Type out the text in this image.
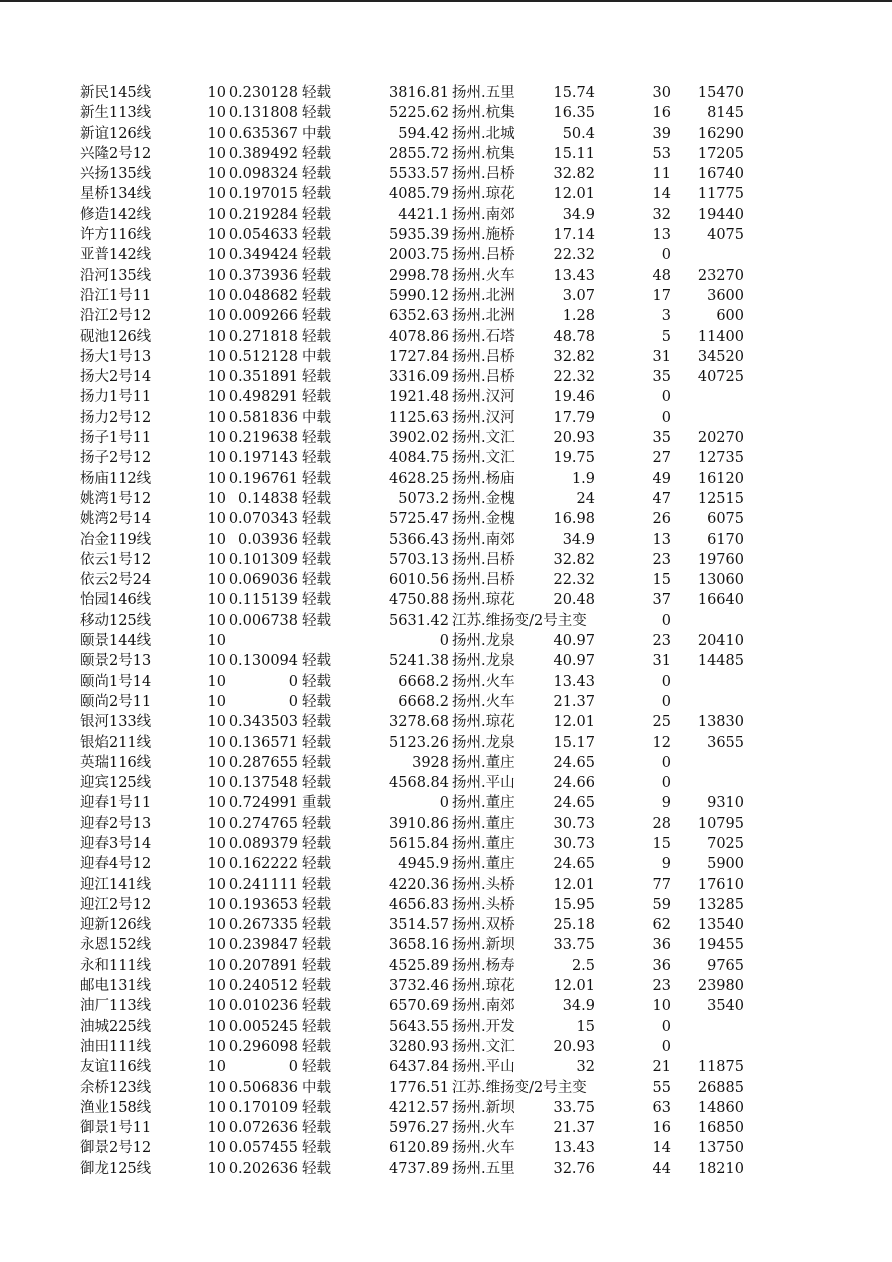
新民145线	10 0.230128 轻载	3816.81 扬州.五里	15.74	30	15470
新生113线	10 0.131808 轻载	5225.62 扬州.杭集	16.35	16	8145
新谊126线	10 0.635367 中载	594.42 扬州.北城	50.4	39	16290
兴隆2号12	10 0.389492 轻载	2855.72 扬州.杭集	15.11	53	17205
兴扬135线	10 0.098324 轻载	5533.57 扬州.吕桥	32.82	11	16740
星桥134线	10 0.197015 轻载	4085.79 扬州.琼花	12.01	14	11775
修造142线	10 0.219284 轻载	4421.1 扬州.南郊	34.9	32	19440
许方116线	10 0.054633 轻载	5935.39 扬州.施桥	17.14	13	4075
亚普142线	10 0.349424 轻载	2003.75 扬州.吕桥	22.32	0
沿河135线	10 0.373936 轻载	2998.78 扬州.火车	13.43	48	23270
沿江1号11	10 0.048682 轻载	5990.12 扬州.北洲	3.07	17	3600
沿江2号12	10 0.009266 轻载	6352.63 扬州.北洲	1.28	3	600
砚池126线	10 0.271818 轻载	4078.86 扬州.石塔	48.78	5	11400
扬大1号13	10 0.512128 中载	1727.84 扬州.吕桥	32.82	31	34520
扬大2号14	10 0.351891 轻载	3316.09 扬州.吕桥	22.32	35	40725
扬力1号11	10 0.498291 轻载	1921.48 扬州.汉河	19.46	0
扬力2号12	10 0.581836 中载	1125.63 扬州.汉河	17.79	0
扬子1号11	10 0.219638 轻载	3902.02 扬州.文汇	20.93	35	20270
扬子2号12	10 0.197143 轻载	4084.75 扬州.文汇	19.75	27	12735
杨庙112线	10 0.196761 轻载	4628.25 扬州.杨庙	1.9	49	16120
姚湾1号12	10 0.14838 轻载	5073.2 扬州.金槐	24	47	12515
姚湾2号14	10 0.070343 轻载	5725.47 扬州.金槐	16.98	26	6075
冶金119线	10 0.03936 轻载	5366.43 扬州.南郊	34.9	13	6170
依云1号12	10 0.101309 轻载	5703.13 扬州.吕桥	32.82	23	19760
依云2号24	10 0.069036 轻载	6010.56 扬州.吕桥	22.32	15	13060
怡园146线	10 0.115139 轻载	4750.88 扬州.琼花	20.48	37	16640
移动125线	10 0.006738 轻载	5631.42 江苏.维扬变/2号主变	0
颐景144线	10	0 扬州.龙泉	40.97	23	20410
颐景2号13	10 0.130094 轻载	5241.38 扬州.龙泉	40.97	31	14485
颐尚1号14	10	0 轻载	6668.2 扬州.火车	13.43	0
颐尚2号11	10	0 轻载	6668.2 扬州.火车	21.37	0
银河133线	10 0.343503 轻载	3278.68 扬州.琼花	12.01	25	13830
银焰211线	10 0.136571 轻载	5123.26 扬州.龙泉	15.17	12	3655
英瑞116线	10 0.287655 轻载	3928 扬州.董庄	24.65	0
迎宾125线	10 0.137548 轻载	4568.84 扬州.平山	24.66	0
迎春1号11	10 0.724991 重载	0 扬州.董庄	24.65	9	9310
迎春2号13	10 0.274765 轻载	3910.86 扬州.董庄	30.73	28	10795
迎春3号14	10 0.089379 轻载	5615.84 扬州.董庄	30.73	15	7025
迎春4号12	10 0.162222 轻载	4945.9 扬州.董庄	24.65	9	5900
迎江141线	10 0.241111 轻载	4220.36 扬州.头桥	12.01	77	17610
迎江2号12	10 0.193653 轻载	4656.83 扬州.头桥	15.95	59	13285
迎新126线	10 0.267335 轻载	3514.57 扬州.双桥	25.18	62	13540
永恩152线	10 0.239847 轻载	3658.16 扬州.新坝	33.75	36	19455
永和111线	10 0.207891 轻载	4525.89 扬州.杨寿	2.5	36	9765
邮电131线	10 0.240512 轻载	3732.46 扬州.琼花	12.01	23	23980
油厂113线	10 0.010236 轻载	6570.69 扬州.南郊	34.9	10	3540
油城225线	10 0.005245 轻载	5643.55 扬州.开发	15	0
油田111线	10 0.296098 轻载	3280.93 扬州.文汇	20.93	0
友谊116线	10	0 轻载	6437.84 扬州.平山	32	21	11875
余桥123线	10 0.506836 中载	1776.51 江苏.维扬变/2号主变	55	26885
渔业158线	10 0.170109 轻载	4212.57 扬州.新坝	33.75	63	14860
御景1号11	10 0.072636 轻载	5976.27 扬州.火车	21.37	16	16850
御景2号12	10 0.057455 轻载	6120.89 扬州.火车	13.43	14	13750
御龙125线	10 0.202636 轻载	4737.89 扬州.五里	32.76	44	18210
